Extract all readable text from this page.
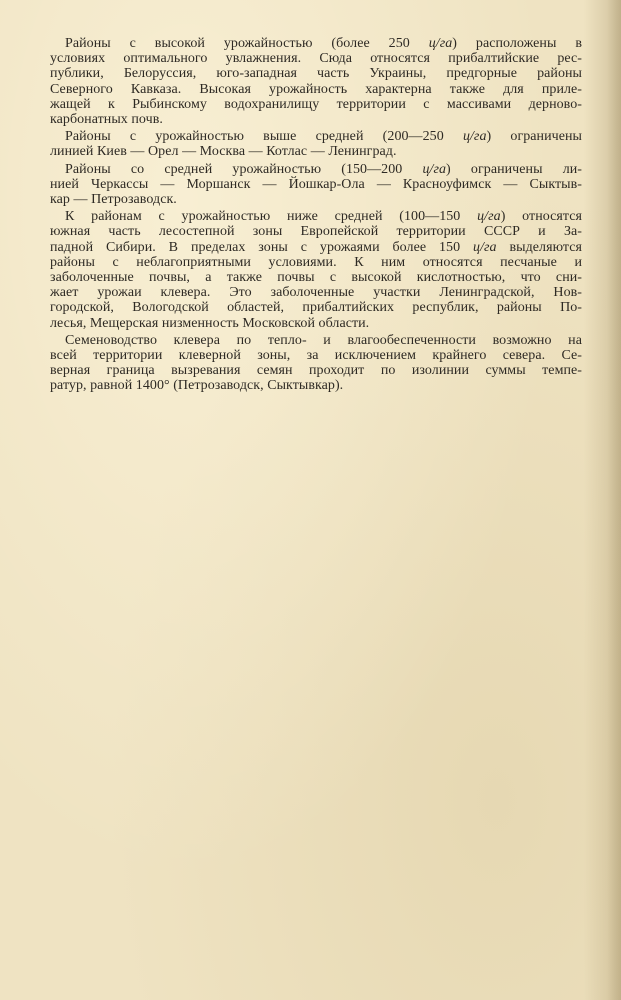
Районы с высокой урожайностью (более 250 ц/га) расположены в
условиях оптимального увлажнения. Сюда относятся прибалтийские рес-
публики, Белоруссия, юго-западная часть Украины, предгорные районы
Северного Кавказа. Высокая урожайность характерна также для приле-
жащей к Рыбинскому водохранилищу территории с массивами дерново-
карбонатных почв.

Районы с урожайностью выше средней (200—250 ц/га) ограничены
линией Киев — Орел — Москва — Котлас — Ленинград.

Районы со средней урожайностью (150—200 ц/га) ограничены ли-
нией Черкассы — Моршанск — Йошкар-Ола — Красноуфимск — Сыктыв-
кар — Петрозаводск.

К районам с урожайностью ниже средней (100—150 ц/га) относятся
южная часть лесостепной зоны Европейской территории СССР и За-
падной Сибири. В пределах зоны с урожаями более 150 ц/га выделяются
районы с неблагоприятными условиями. К ним относятся песчаные и
заболоченные почвы, а также почвы с высокой кислотностью, что сни-
жает урожаи клевера. Это заболоченные участки Ленинградской, Нов-
городской, Вологодской областей, прибалтийских республик, районы По-
лесья, Мещерская низменность Московской области.

Семеноводство клевера по тепло- и влагообеспеченности возможно на
всей территории клеверной зоны, за исключением крайнего севера. Се-
верная граница вызревания семян проходит по изолинии суммы темпе-
ратур, равной 1400° (Петрозаводск, Сыктывкар).
